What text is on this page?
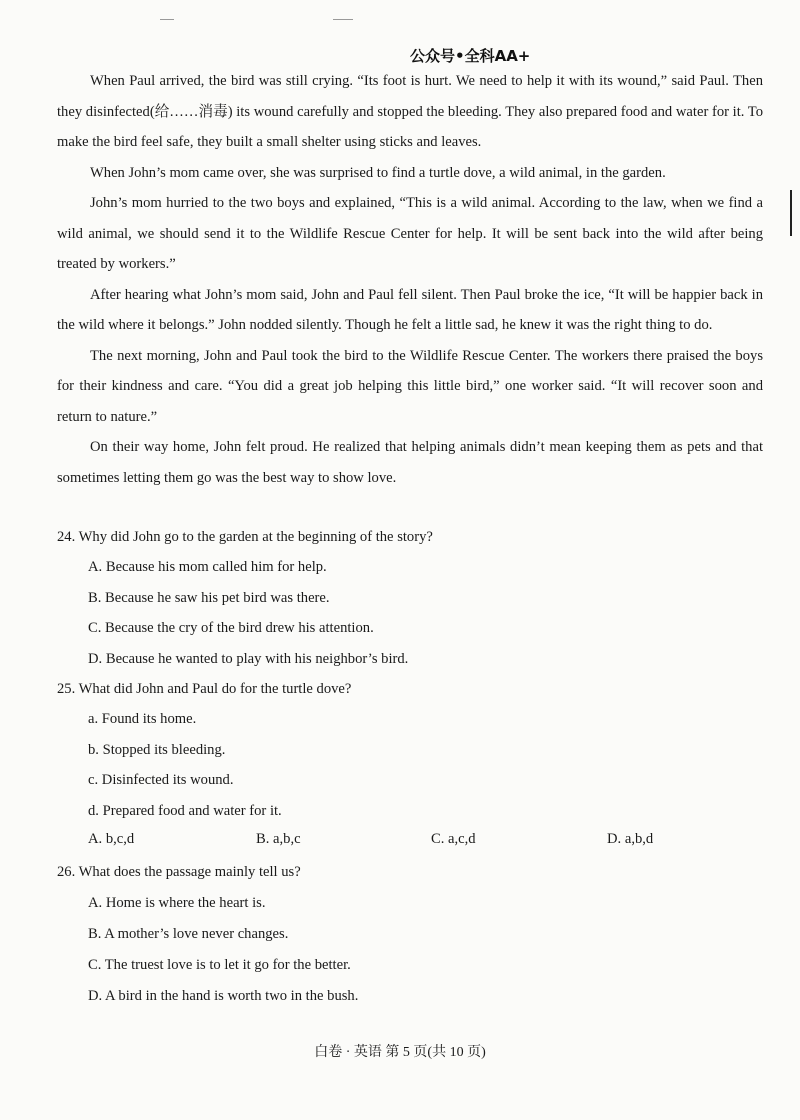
公众号•全科AA+

When Paul arrived, the bird was still crying. “Its foot is hurt. We need to help it with its wound,” said Paul. Then they disinfected(给……消毒) its wound carefully and stopped the bleeding. They also prepared food and water for it. To make the bird feel safe, they built a small shelter using sticks and leaves.

When John’s mom came over, she was surprised to find a turtle dove, a wild animal, in the garden.

John’s mom hurried to the two boys and explained, “This is a wild animal. According to the law, when we find a wild animal, we should send it to the Wildlife Rescue Center for help. It will be sent back into the wild after being treated by workers.”

After hearing what John’s mom said, John and Paul fell silent. Then Paul broke the ice, “It will be happier back in the wild where it belongs.” John nodded silently. Though he felt a little sad, he knew it was the right thing to do.

The next morning, John and Paul took the bird to the Wildlife Rescue Center. The workers there praised the boys for their kindness and care. “You did a great job helping this little bird,” one worker said. “It will recover soon and return to nature.”

On their way home, John felt proud. He realized that helping animals didn’t mean keeping them as pets and that sometimes letting them go was the best way to show love.

24. Why did John go to the garden at the beginning of the story?
A. Because his mom called him for help.
B. Because he saw his pet bird was there.
C. Because the cry of the bird drew his attention.
D. Because he wanted to play with his neighbor’s bird.
25. What did John and Paul do for the turtle dove?
a. Found its home.
b. Stopped its bleeding.
c. Disinfected its wound.
d. Prepared food and water for it.
A. b,c,d	B. a,b,c	C. a,c,d	D. a,b,d
26. What does the passage mainly tell us?
A. Home is where the heart is.
B. A mother’s love never changes.
C. The truest love is to let it go for the better.
D. A bird in the hand is worth two in the bush.
白卷 · 英语 第 5 页(共 10 页)
